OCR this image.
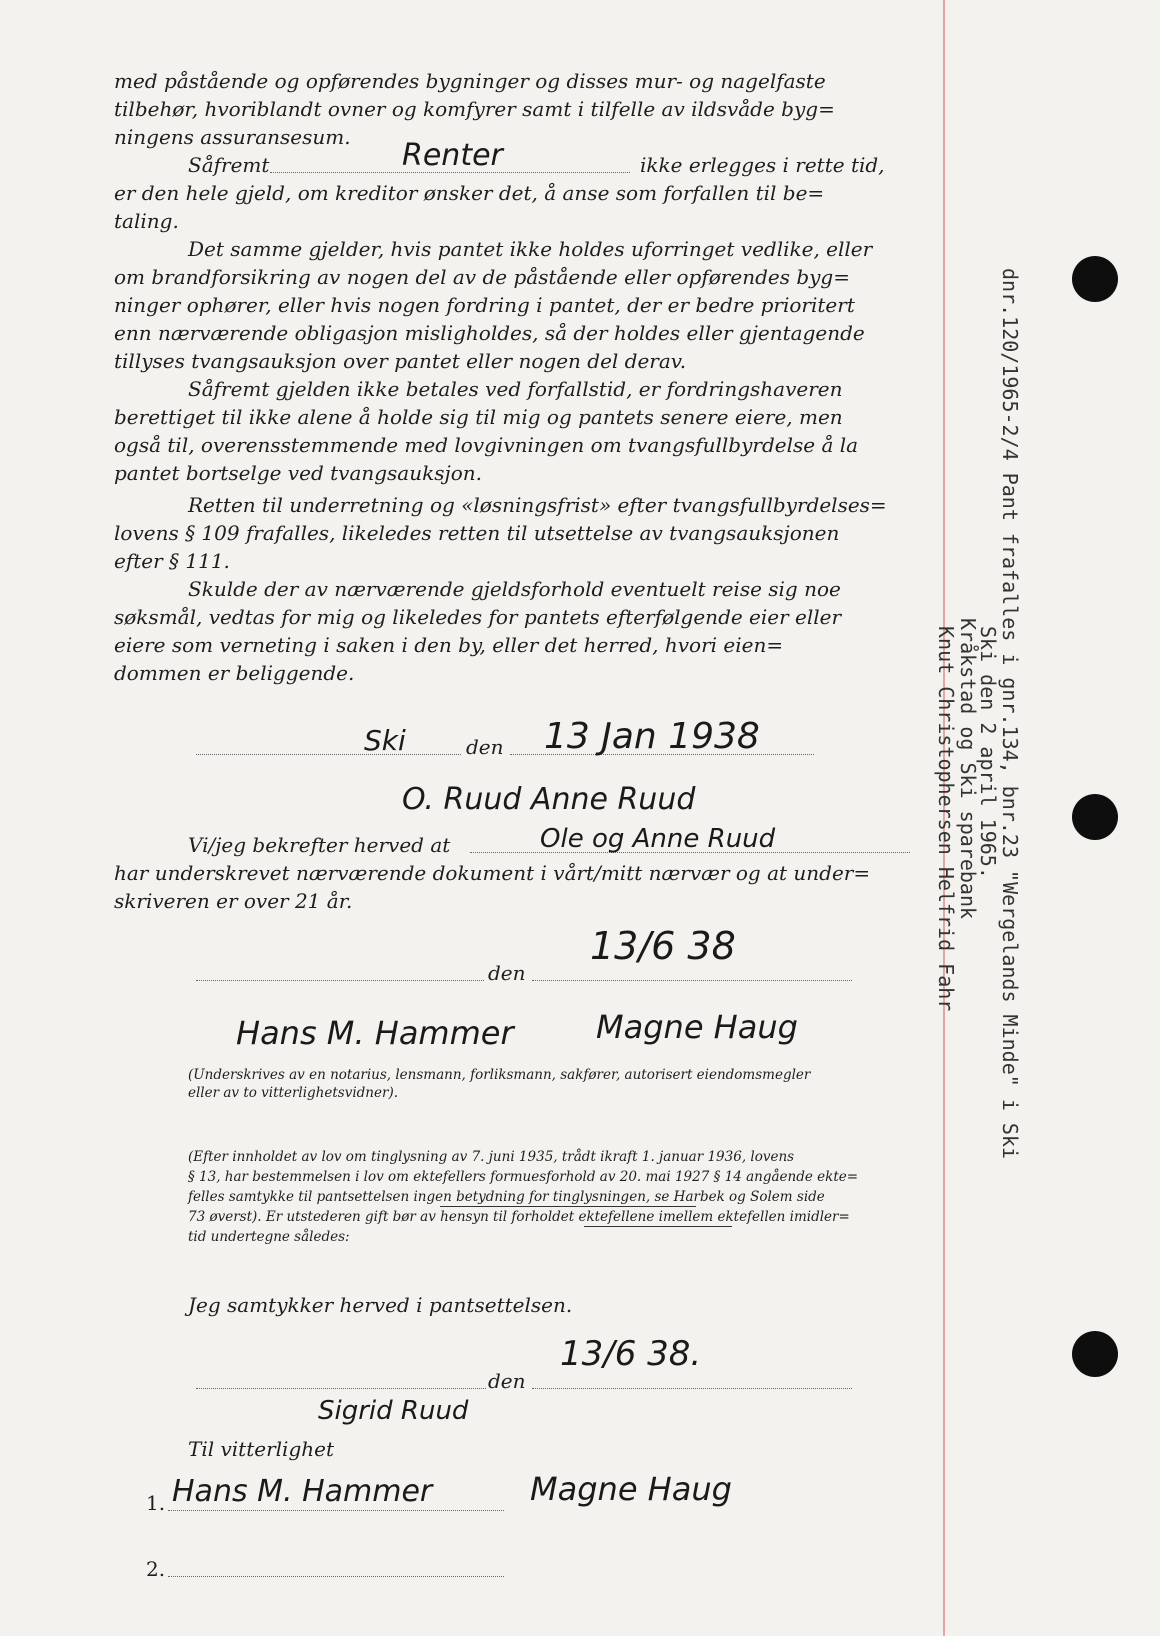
med påstående og opførendes bygninger og disses mur- og nagelfaste
tilbehør, hvoriblandt ovner og komfyrer samt i tilfelle av ildsvåde byg=
ningens assuransesum.
Såfremt	Renter	ikke erlegges i rette tid,
er den hele gjeld, om kreditor ønsker det, å anse som forfallen til be=
taling.
Det samme gjelder, hvis pantet ikke holdes uforringet vedlike, eller
om brandforsikring av nogen del av de påstående eller opførendes byg=
ninger ophører, eller hvis nogen fordring i pantet, der er bedre prioritert
enn nærværende obligasjon misligholdes, så der holdes eller gjentagende
tillyses tvangsauksjon over pantet eller nogen del derav.
Såfremt gjelden ikke betales ved forfallstid, er fordringshaveren
berettiget til ikke alene å holde sig til mig og pantets senere eiere, men
også til, overensstemmende med lovgivningen om tvangsfullbyrdelse å la
pantet bortselge ved tvangsauksjon.
Retten til underretning og «løsningsfrist» efter tvangsfullbyrdelses=
lovens § 109 frafalles, likeledes retten til utsettelse av tvangsauksjonen
efter § 111.
Skulde der av nærværende gjeldsforhold eventuelt reise sig noe
søksmål, vedtas for mig og likeledes for pantets efterfølgende eier eller
eiere som verneting i saken i den by, eller det herred, hvori eien=
dommen er beliggende.
Ski	den 13 Jan 1938
O. Ruud Anne Ruud
Vi/jeg bekrefter herved at	Ole og Anne Ruud
har underskrevet nærværende dokument i vårt/mitt nærvær og at under=
skriveren er over 21 år.
den
13/6 38
Hans M. Hammer	Magne Haug
(Underskrives av en notarius, lensmann, forliksmann, sakfører, autorisert eiendomsmegler
eller av to vitterlighetsvidner).
(Efter innholdet av lov om tinglysning av 7. juni 1935, trådt ikraft 1. januar 1936, lovens
§ 13, har bestemmelsen i lov om ektefellers formuesforhold av 20. mai 1927 § 14 angående ekte=
felles samtykke til pantsettelsen ingen betydning for tinglysningen, se Harbek og Solem side
73 øverst). Er utstederen gift bør av hensyn til forholdet ektefellene imellem ektefellen imidler=
tid undertegne således:
Jeg samtykker herved i pantsettelsen.
den
13/6 38.
Sigrid Ruud
Til vitterlighet
1. Hans M. Hammer	Magne Haug
2.
dnr.120/1965-2/4 Pant frafalles i gnr.134, bnr.23 "Wergelands Minde" i Ski
Ski den 2 april 1965.
Kråkstad og Ski sparebank
Knut Christophersen Helfrid Fahr
